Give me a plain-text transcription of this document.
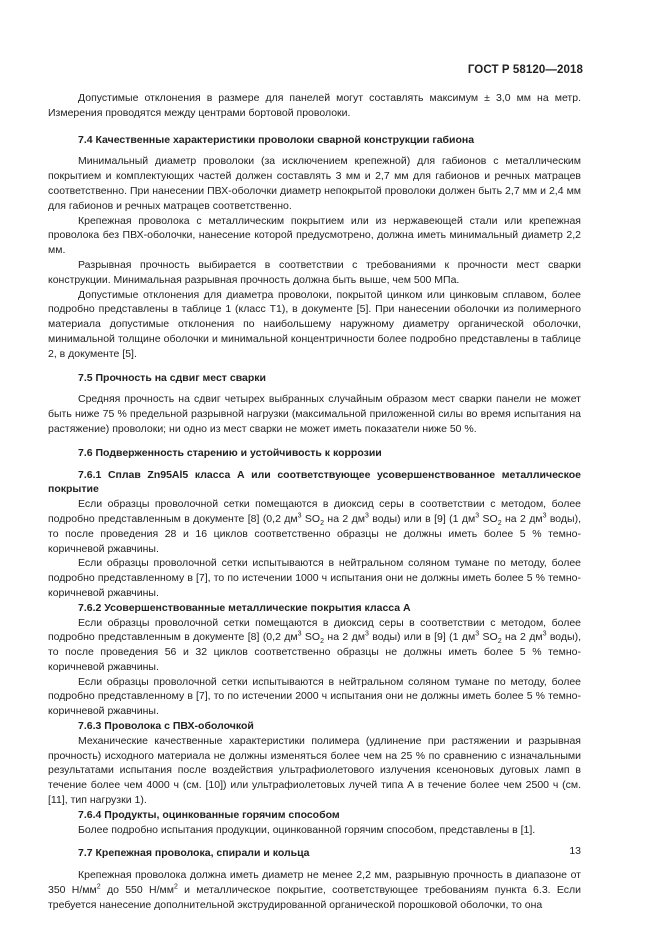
ГОСТ Р 58120—2018

Допустимые отклонения в размере для панелей могут составлять максимум ± 3,0 мм на метр. Измерения проводятся между центрами бортовой проволоки.

7.4 Качественные характеристики проволоки сварной конструкции габиона

Минимальный диаметр проволоки (за исключением крепежной) для габионов с металлическим покрытием и комплектующих частей должен составлять 3 мм и 2,7 мм для габионов и речных матрацев соответственно. При нанесении ПВХ-оболочки диаметр непокрытой проволоки должен быть 2,7 мм и 2,4 мм для габионов и речных матрацев соответственно.

Крепежная проволока с металлическим покрытием или из нержавеющей стали или крепежная проволока без ПВХ-оболочки, нанесение которой предусмотрено, должна иметь минимальный диаметр 2,2 мм.

Разрывная прочность выбирается в соответствии с требованиями к прочности мест сварки конструкции. Минимальная разрывная прочность должна быть выше, чем 500 МПа.

Допустимые отклонения для диаметра проволоки, покрытой цинком или цинковым сплавом, более подробно представлены в таблице 1 (класс Т1), в документе [5]. При нанесении оболочки из полимерного материала допустимые отклонения по наибольшему наружному диаметру органической оболочки, минимальной толщине оболочки и минимальной концентричности более подробно представлены в таблице 2, в документе [5].

7.5 Прочность на сдвиг мест сварки

Средняя прочность на сдвиг четырех выбранных случайным образом мест сварки панели не может быть ниже 75 % предельной разрывной нагрузки (максимальной приложенной силы во время испытания на растяжение) проволоки; ни одно из мест сварки не может иметь показатели ниже 50 %.

7.6 Подверженность старению и устойчивость к коррозии
7.6.1 Сплав Zn95Al5 класса А или соответствующее усовершенствованное металлическое покрытие

Если образцы проволочной сетки помещаются в диоксид серы в соответствии с методом, более подробно представленным в документе [8] (0,2 $дм^3$ $SO_2$ на 2 $дм^3$ воды) или в [9] (1 $дм^3$ $SO_2$ на 2 $дм^3$ воды), то после проведения 28 и 16 циклов соответственно образцы не должны иметь более 5 % темно-коричневой ржавчины.

Если образцы проволочной сетки испытываются в нейтральном соляном тумане по методу, более подробно представленному в [7], то по истечении 1000 ч испытания они не должны иметь более 5 % темно-коричневой ржавчины.

7.6.2 Усовершенствованные металлические покрытия класса А

Если образцы проволочной сетки помещаются в диоксид серы в соответствии с методом, более подробно представленным в документе [8] (0,2 $дм^3$ $SO_2$ на 2 $дм^3$ воды) или в [9] (1 $дм^3$ $SO_2$ на 2 $дм^3$ воды), то после проведения 56 и 32 циклов соответственно образцы не должны иметь более 5 % темно-коричневой ржавчины.

Если образцы проволочной сетки испытываются в нейтральном соляном тумане по методу, более подробно представленному в [7], то по истечении 2000 ч испытания они не должны иметь более 5 % темно-коричневой ржавчины.

7.6.3 Проволока с ПВХ-оболочкой

Механические качественные характеристики полимера (удлинение при растяжении и разрывная прочность) исходного материала не должны изменяться более чем на 25 % по сравнению с изначальными результатами испытания после воздействия ультрафиолетового излучения ксеноновых дуговых ламп в течение более чем 4000 ч (см. [10]) или ультрафиолетовых лучей типа А в течение более чем 2500 ч (см. [11], тип нагрузки 1).

7.6.4 Продукты, оцинкованные горячим способом

Более подробно испытания продукции, оцинкованной горячим способом, представлены в [1].

7.7 Крепежная проволока, спирали и кольца

Крепежная проволока должна иметь диаметр не менее 2,2 мм, разрывную прочность в диапазоне от 350 $Н/мм^2$ до 550 $Н/мм^2$ и металлическое покрытие, соответствующее требованиям пункта 6.3. Если требуется нанесение дополнительной экструдированной органической порошковой оболочки, то она

13
